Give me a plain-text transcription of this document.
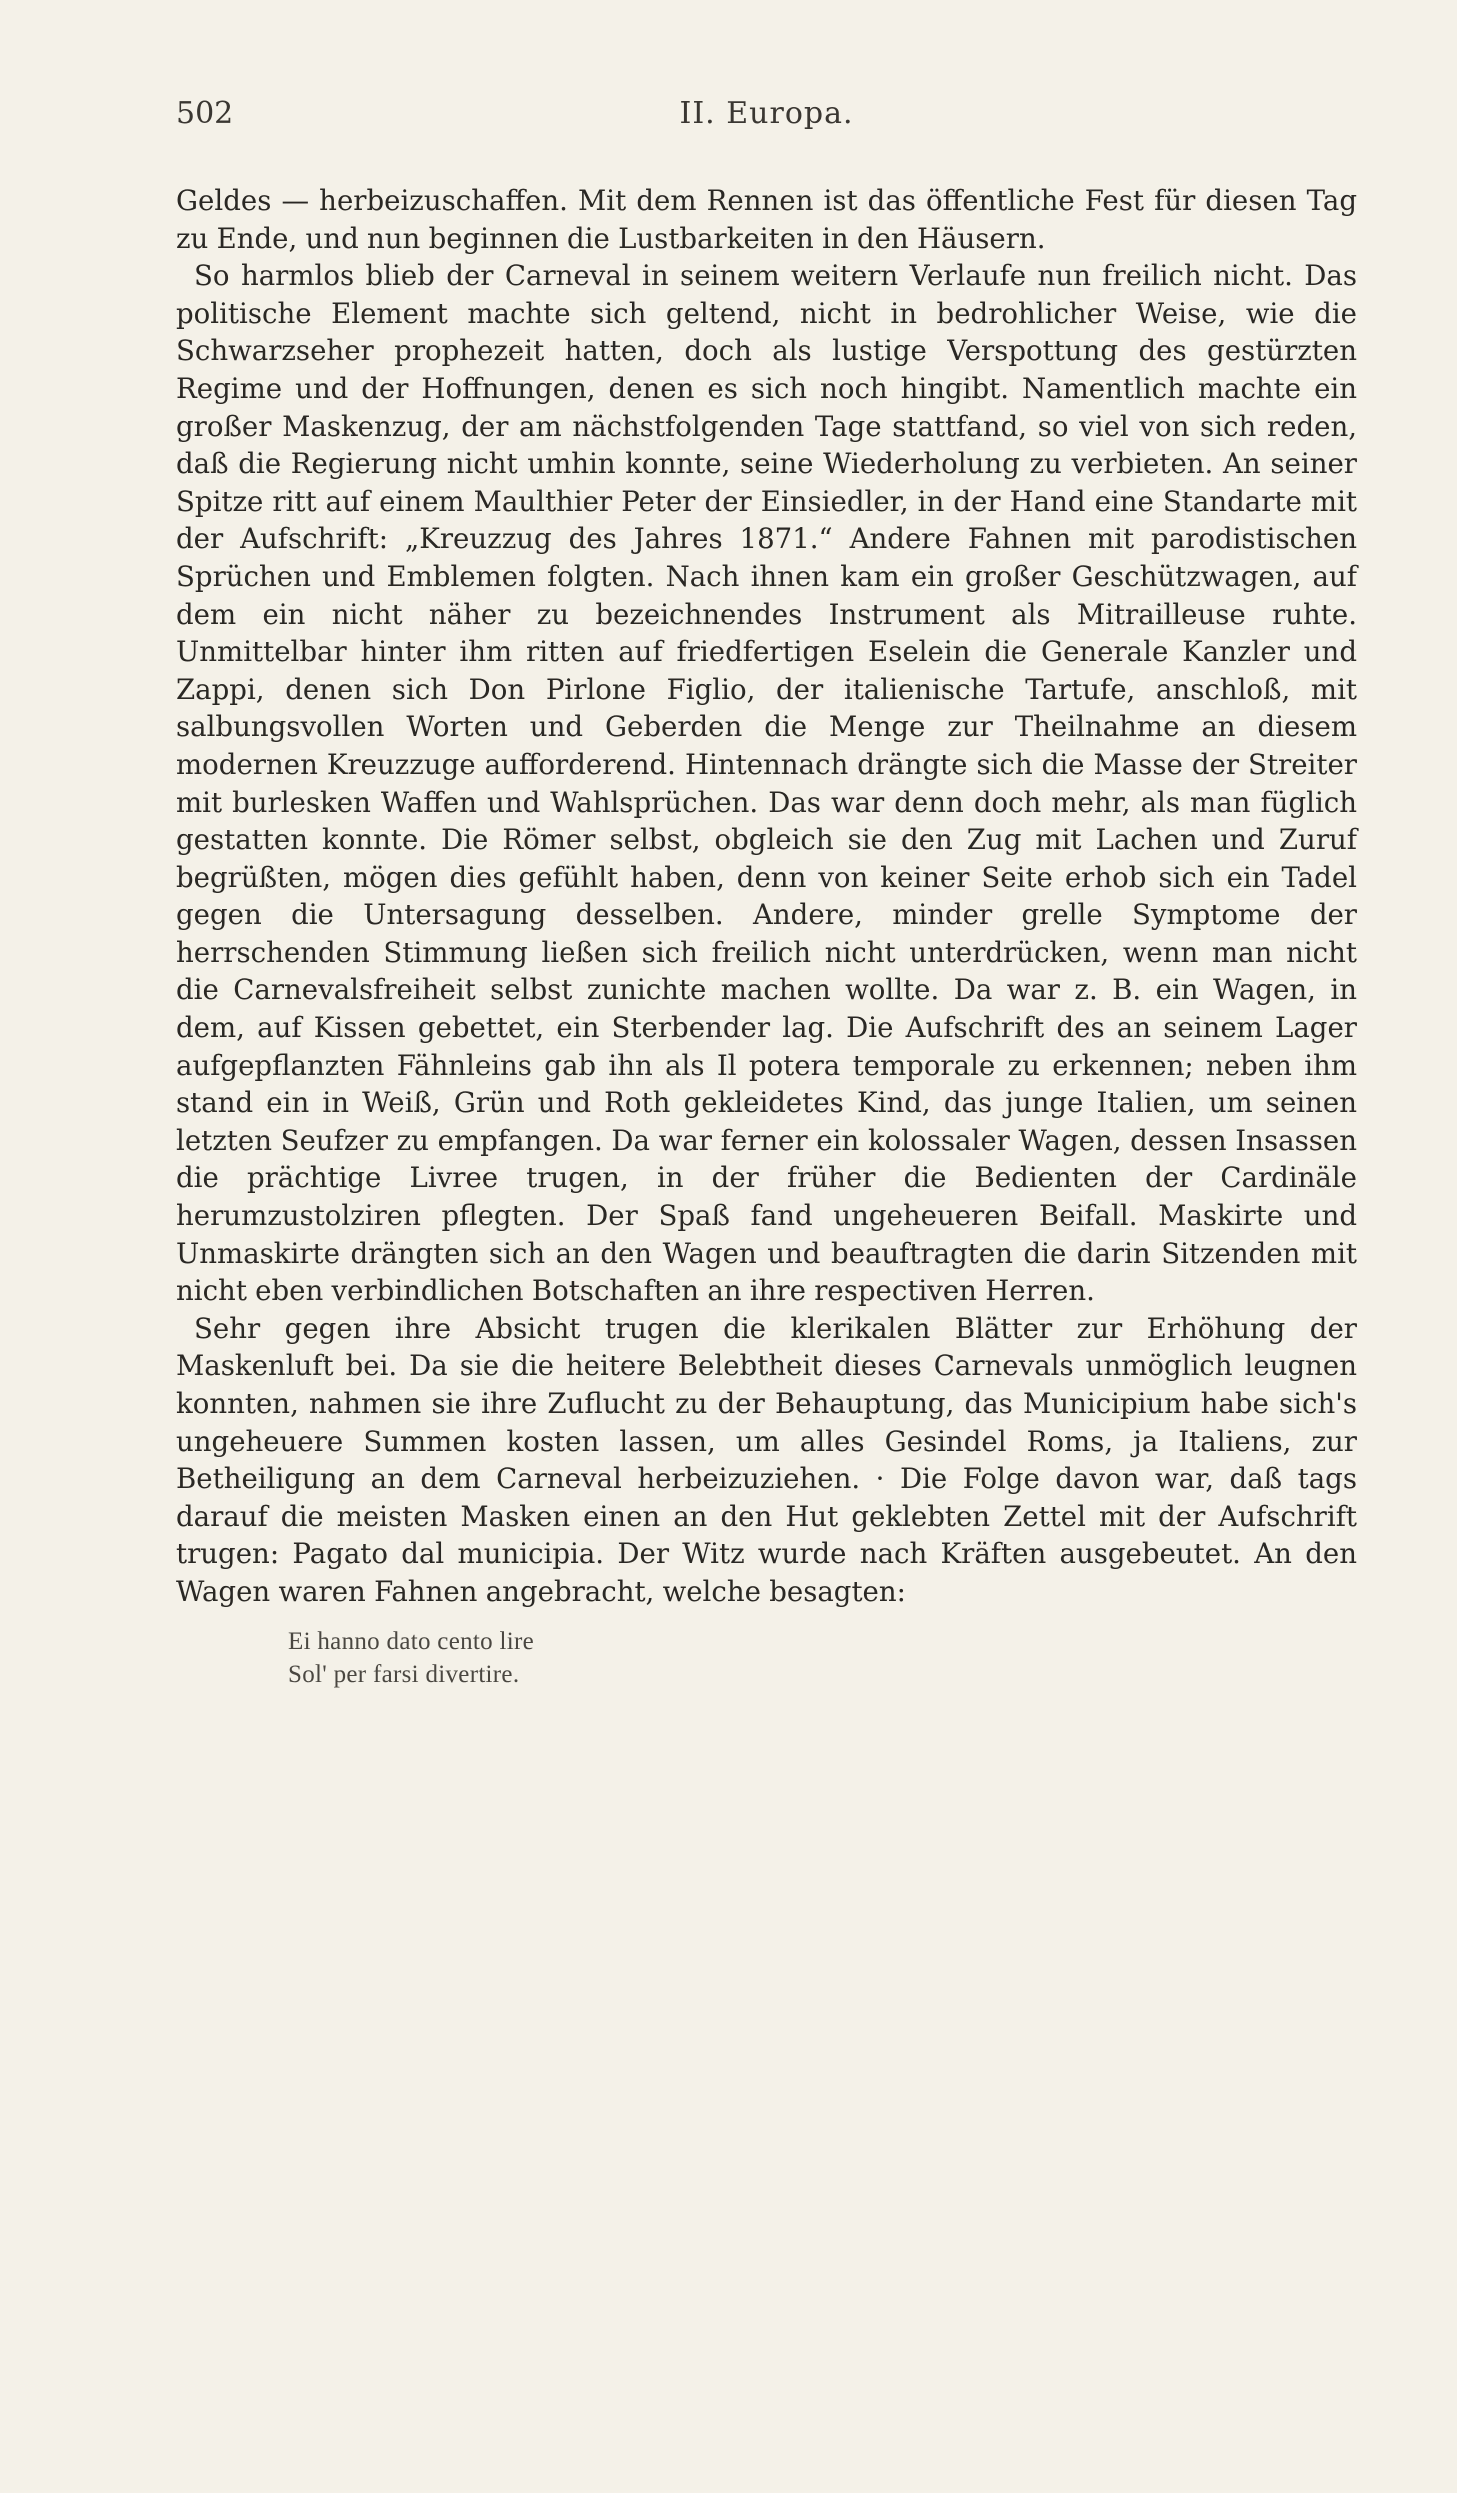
502	II. Europa.

Geldes — herbeizuschaffen. Mit dem Rennen ist das öffentliche Fest für diesen Tag zu Ende, und nun beginnen die Lustbarkeiten in den Häusern.

So harmlos blieb der Carneval in seinem weitern Verlaufe nun freilich nicht. Das politische Element machte sich geltend, nicht in bedrohlicher Weise, wie die Schwarzseher prophezeit hatten, doch als lustige Verspottung des gestürzten Regime und der Hoffnungen, denen es sich noch hingibt. Namentlich machte ein großer Maskenzug, der am nächstfolgenden Tage stattfand, so viel von sich reden, daß die Regierung nicht umhin konnte, seine Wiederholung zu verbieten. An seiner Spitze ritt auf einem Maulthier Peter der Einsiedler, in der Hand eine Standarte mit der Aufschrift: „Kreuzzug des Jahres 1871.“ Andere Fahnen mit parodistischen Sprüchen und Emblemen folgten. Nach ihnen kam ein großer Geschützwagen, auf dem ein nicht näher zu bezeichnendes Instrument als Mitrailleuse ruhte. Unmittelbar hinter ihm ritten auf friedfertigen Eselein die Generale Kanzler und Zappi, denen sich Don Pirlone Figlio, der italienische Tartufe, anschloß, mit salbungsvollen Worten und Geberden die Menge zur Theilnahme an diesem modernen Kreuzzuge aufforderend. Hintennach drängte sich die Masse der Streiter mit burlesken Waffen und Wahlsprüchen. Das war denn doch mehr, als man füglich gestatten konnte. Die Römer selbst, obgleich sie den Zug mit Lachen und Zuruf begrüßten, mögen dies gefühlt haben, denn von keiner Seite erhob sich ein Tadel gegen die Untersagung desselben. Andere, minder grelle Symptome der herrschenden Stimmung ließen sich freilich nicht unterdrücken, wenn man nicht die Carnevalsfreiheit selbst zunichte machen wollte. Da war z. B. ein Wagen, in dem, auf Kissen gebettet, ein Sterbender lag. Die Aufschrift des an seinem Lager aufgepflanzten Fähnleins gab ihn als Il potera temporale zu erkennen; neben ihm stand ein in Weiß, Grün und Roth gekleidetes Kind, das junge Italien, um seinen letzten Seufzer zu empfangen. Da war ferner ein kolossaler Wagen, dessen Insassen die prächtige Livree trugen, in der früher die Bedienten der Cardinäle herumzustolziren pflegten. Der Spaß fand ungeheueren Beifall. Maskirte und Unmaskirte drängten sich an den Wagen und beauftragten die darin Sitzenden mit nicht eben verbindlichen Botschaften an ihre respectiven Herren.

Sehr gegen ihre Absicht trugen die klerikalen Blätter zur Erhöhung der Maskenluft bei. Da sie die heitere Belebtheit dieses Carnevals unmöglich leugnen konnten, nahmen sie ihre Zuflucht zu der Behauptung, das Municipium habe sich's ungeheuere Summen kosten lassen, um alles Gesindel Roms, ja Italiens, zur Betheiligung an dem Carneval herbeizuziehen. · Die Folge davon war, daß tags darauf die meisten Masken einen an den Hut geklebten Zettel mit der Aufschrift trugen: Pagato dal municipia. Der Witz wurde nach Kräften ausgebeutet. An den Wagen waren Fahnen angebracht, welche besagten:

Ei hanno dato cento lire
Sol' per farsi divertire.
